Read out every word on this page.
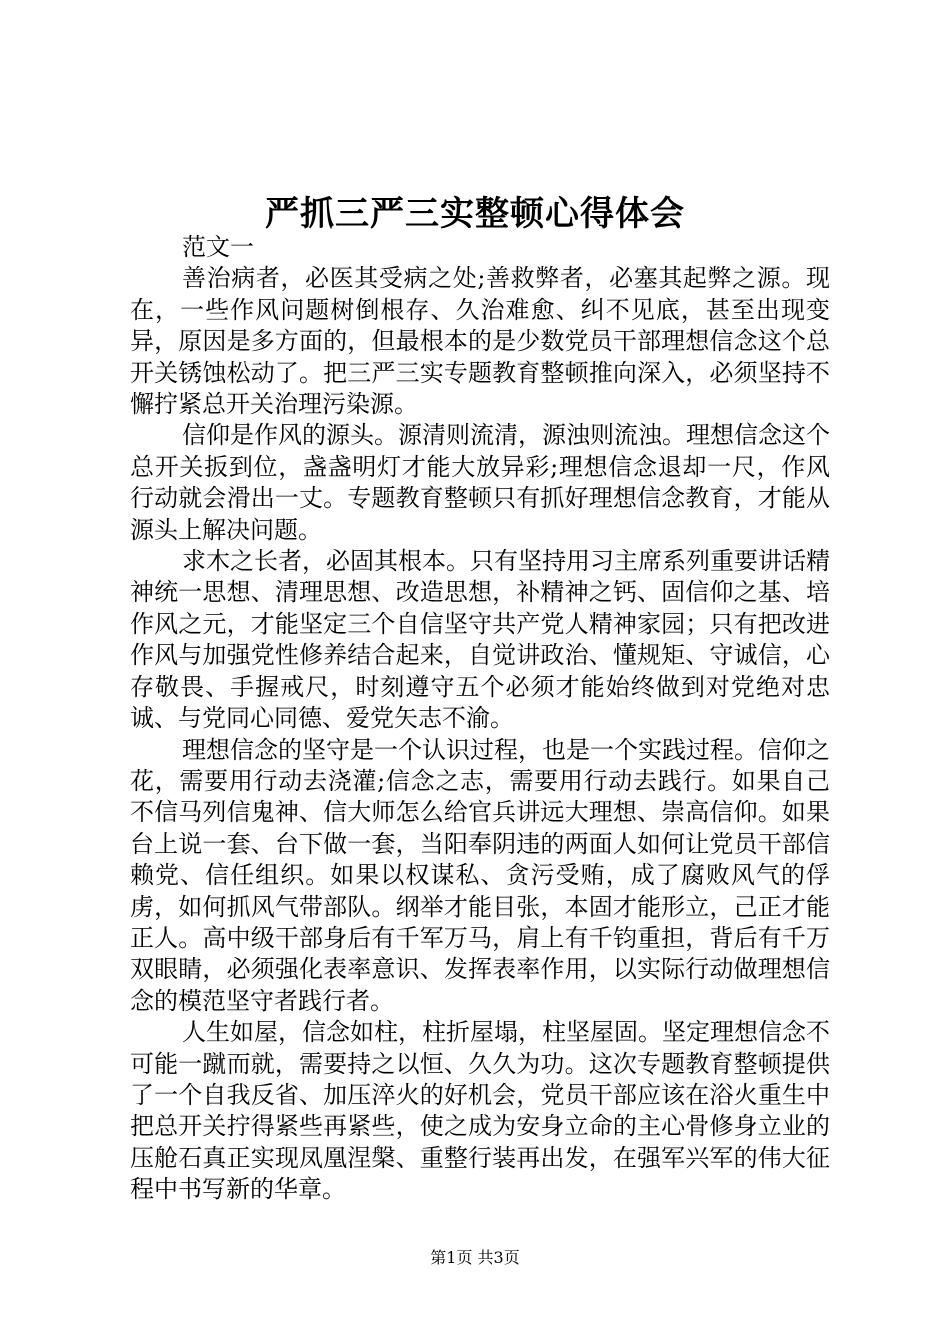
严抓三严三实整顿心得体会

范文一

善治病者，必医其受病之处;善救弊者，必塞其起弊之源。现在，一些作风问题树倒根存、久治难愈、纠不见底，甚至出现变异，原因是多方面的，但最根本的是少数党员干部理想信念这个总开关锈蚀松动了。把三严三实专题教育整顿推向深入，必须坚持不懈拧紧总开关治理污染源。

信仰是作风的源头。源清则流清，源浊则流浊。理想信念这个总开关扳到位，盏盏明灯才能大放异彩;理想信念退却一尺，作风行动就会滑出一丈。专题教育整顿只有抓好理想信念教育，才能从源头上解决问题。

求木之长者，必固其根本。只有坚持用习主席系列重要讲话精神统一思想、清理思想、改造思想，补精神之钙、固信仰之基、培作风之元，才能坚定三个自信坚守共产党人精神家园；只有把改进作风与加强党性修养结合起来，自觉讲政治、懂规矩、守诚信，心存敬畏、手握戒尺，时刻遵守五个必须才能始终做到对党绝对忠诚、与党同心同德、爱党矢志不渝。

理想信念的坚守是一个认识过程，也是一个实践过程。信仰之花，需要用行动去浇灌;信念之志，需要用行动去践行。如果自己不信马列信鬼神、信大师怎么给官兵讲远大理想、崇高信仰。如果台上说一套、台下做一套，当阳奉阴违的两面人如何让党员干部信赖党、信任组织。如果以权谋私、贪污受贿，成了腐败风气的俘虏，如何抓风气带部队。纲举才能目张，本固才能形立，己正才能正人。高中级干部身后有千军万马，肩上有千钧重担，背后有千万双眼睛，必须强化表率意识、发挥表率作用，以实际行动做理想信念的模范坚守者践行者。

人生如屋，信念如柱，柱折屋塌，柱坚屋固。坚定理想信念不可能一蹴而就，需要持之以恒、久久为功。这次专题教育整顿提供了一个自我反省、加压淬火的好机会，党员干部应该在浴火重生中把总开关拧得紧些再紧些，使之成为安身立命的主心骨修身立业的压舱石真正实现凤凰涅槃、重整行装再出发，在强军兴军的伟大征程中书写新的华章。

第1页 共3页
